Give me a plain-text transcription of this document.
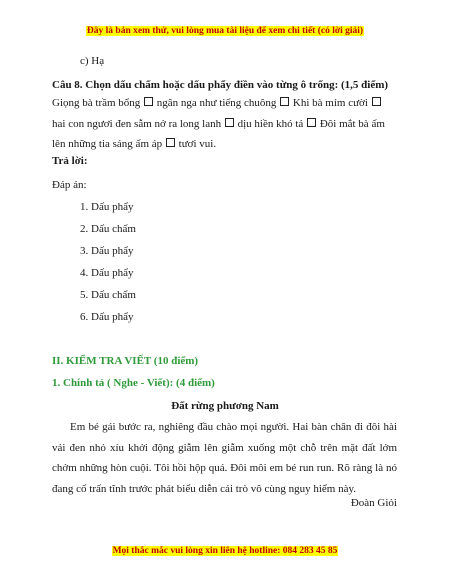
Đây là bản xem thử, vui lòng mua tài liệu để xem chi tiết (có lời giải)
c) Hạ
Câu 8. Chọn dấu chấm hoặc dấu phẩy điền vào từng ô trống: (1,5 điểm)
Giọng bà trầm bổng  ngân nga như tiếng chuông  Khi bà mỉm cười  hai con ngươi đen sẫm nở ra long lanh  dịu hiền khó tả  Đôi mắt bà ấm lên những tia sáng ấm áp  tươi vui.
Trả lời:
Đáp án:
1. Dấu phẩy
2. Dấu chấm
3. Dấu phẩy
4. Dấu phẩy
5. Dấu chấm
6. Dấu phẩy
II. KIỂM TRA VIẾT (10 điểm)
1. Chính tả ( Nghe - Viết): (4 điểm)
Đất rừng phương Nam
Em bé gái bước ra, nghiêng đầu chào mọi người. Hai bàn chân đi đôi hài vải đen nhỏ xíu khởi động giẫm lên giẫm xuống một chỗ trên mặt đất lởm chởm những hòn cuội. Tôi hồi hộp quá. Đôi môi em bé run run. Rõ ràng là nó đang cố trấn tĩnh trước phát biểu diễn cái trò vô cùng nguy hiểm này.
Đoàn Giỏi
Mọi thắc mắc vui lòng xin liên hệ hotline: 084 283 45 85
